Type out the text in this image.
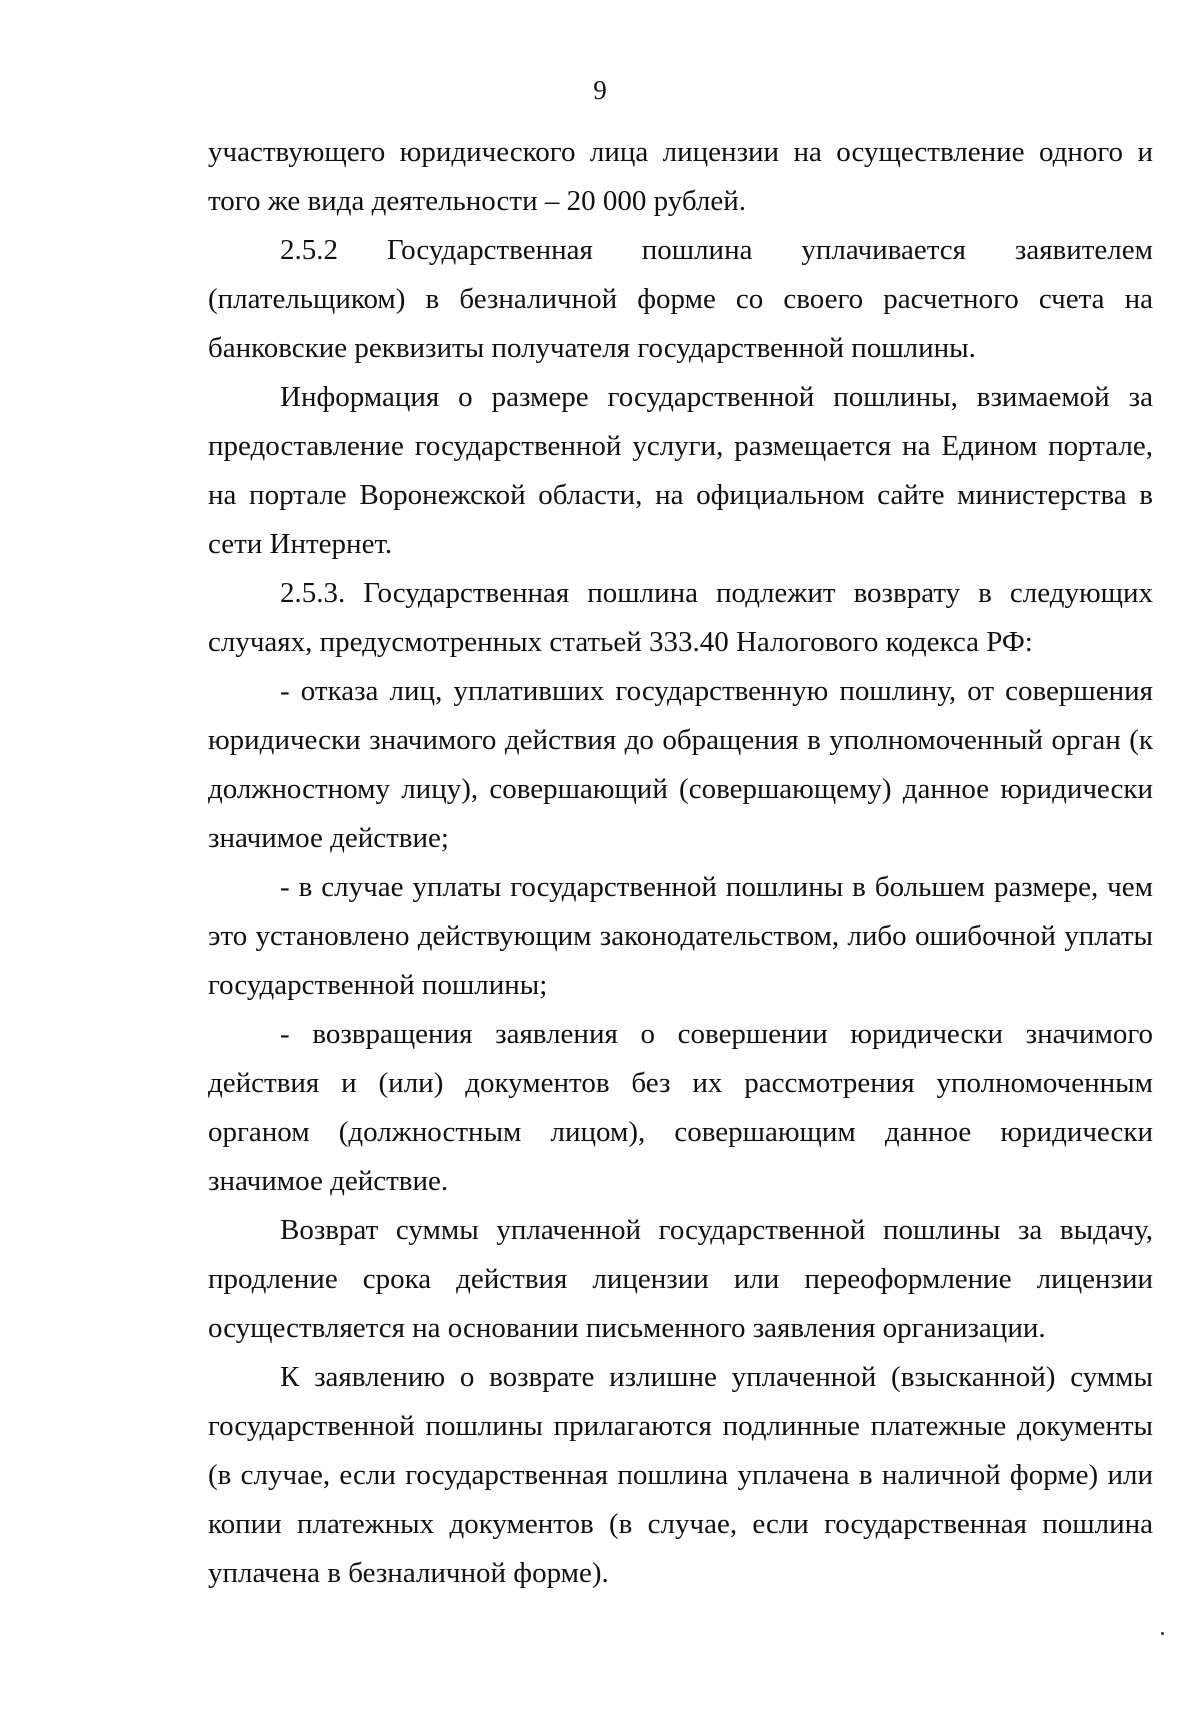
9

участвующего юридического лица лицензии на осуществление одного и того же вида деятельности – 20 000 рублей.

2.5.2 Государственная пошлина уплачивается заявителем (плательщиком) в безналичной форме со своего расчетного счета на банковские реквизиты получателя государственной пошлины.

Информация о размере государственной пошлины, взимаемой за предоставление государственной услуги, размещается на Едином портале, на портале Воронежской области, на официальном сайте министерства в сети Интернет.

2.5.3. Государственная пошлина подлежит возврату в следующих случаях, предусмотренных статьей 333.40 Налогового кодекса РФ:

- отказа лиц, уплативших государственную пошлину, от совершения юридически значимого действия до обращения в уполномоченный орган (к должностному лицу), совершающий (совершающему) данное юридически значимое действие;

- в случае уплаты государственной пошлины в большем размере, чем это установлено действующим законодательством, либо ошибочной уплаты государственной пошлины;

- возвращения заявления о совершении юридически значимого действия и (или) документов без их рассмотрения уполномоченным органом (должностным лицом), совершающим данное юридически значимое действие.

Возврат суммы уплаченной государственной пошлины за выдачу, продление срока действия лицензии или переоформление лицензии осуществляется на основании письменного заявления организации.

К заявлению о возврате излишне уплаченной (взысканной) суммы государственной пошлины прилагаются подлинные платежные документы (в случае, если государственная пошлина уплачена в наличной форме) или копии платежных документов (в случае, если государственная пошлина уплачена в безналичной форме).
